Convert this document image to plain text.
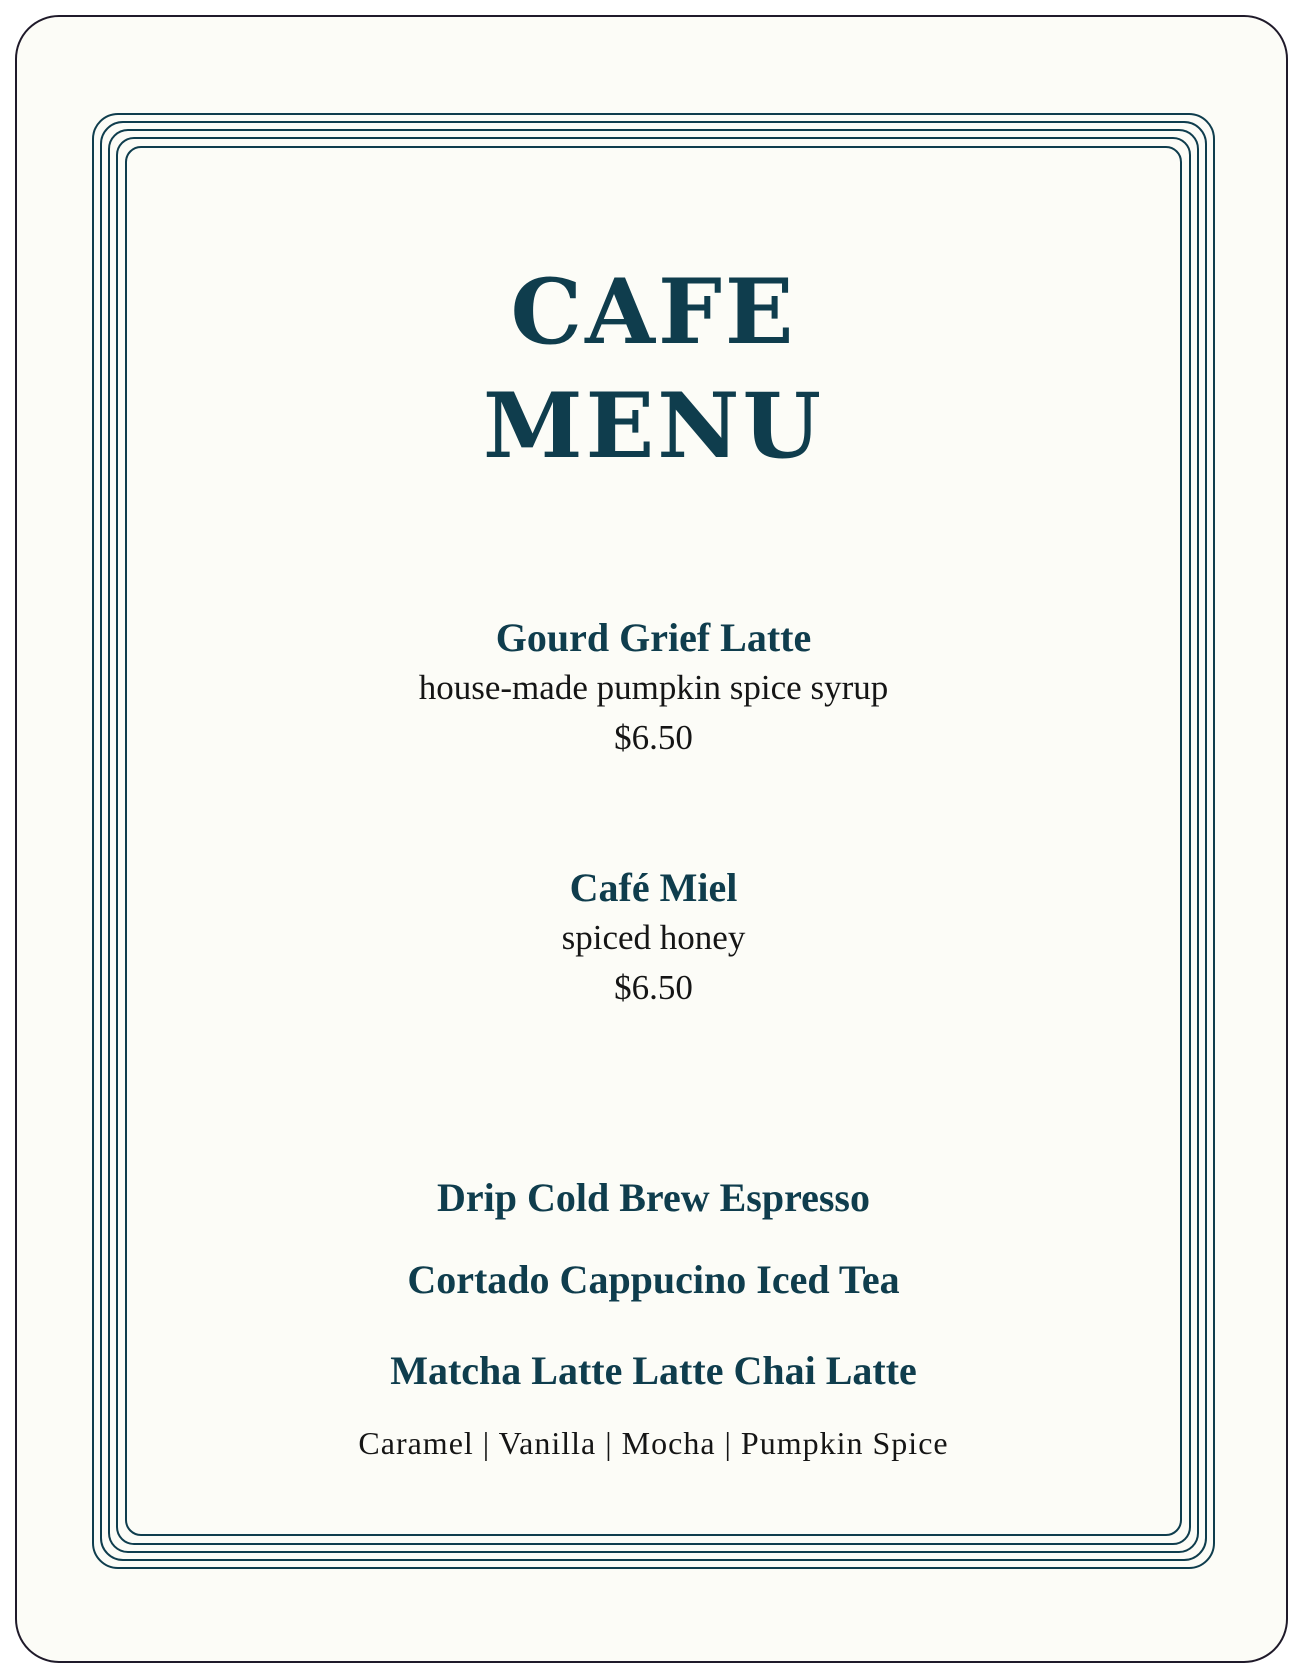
CAFE
MENU
Gourd Grief Latte
house-made pumpkin spice syrup
$6.50
Café Miel
spiced honey
$6.50
Drip Cold Brew Espresso
Cortado Cappucino Iced Tea
Matcha Latte Latte Chai Latte
Caramel | Vanilla | Mocha | Pumpkin Spice
